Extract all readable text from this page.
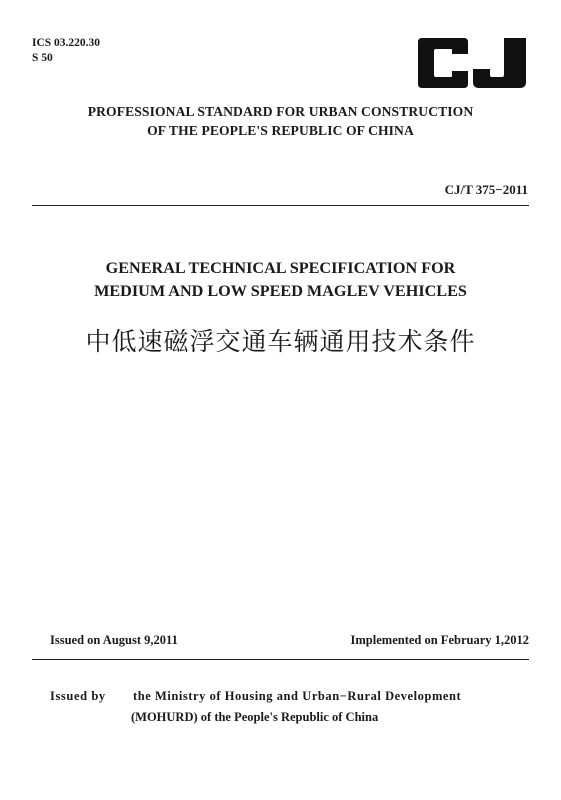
ICS 03.220.30
S 50
CJ
PROFESSIONAL STANDARD FOR URBAN CONSTRUCTION
OF THE PEOPLE'S REPUBLIC OF CHINA
CJ/T 375−2011
GENERAL TECHNICAL SPECIFICATION FOR
MEDIUM AND LOW SPEED MAGLEV VEHICLES
中低速磁浮交通车辆通用技术条件
Issued on August 9,2011	Implemented on February 1,2012
Issued by the Ministry of Housing and Urban−Rural Development
(MOHURD) of the People's Republic of China
